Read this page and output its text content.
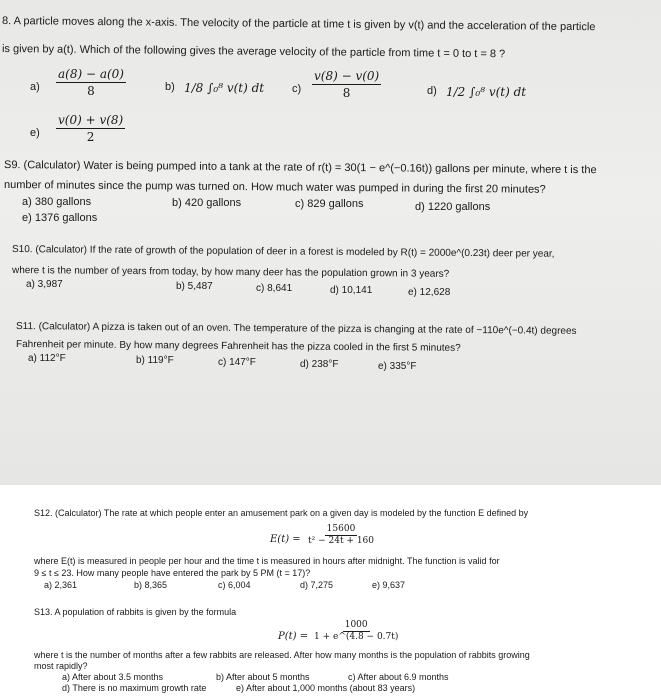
8. A particle moves along the x-axis. The velocity of the particle at time t is given by v(t) and the acceleration of the particle
is given by a(t). Which of the following gives the average velocity of the particle from time t = 0 to t = 8 ?
$a) \frac{a(8) - a(0)}{8}$	b) 1/8 ∫₀⁸ v(t) dt	$c) \frac{v(8) - v(0)}{8}$	d) 1/2 ∫₀⁸ v(t) dt
$e) \frac{v(0) + v(8)}{2}$
S9. (Calculator) Water is being pumped into a tank at the rate of r(t) = 30(1 − e^(−0.16t)) gallons per minute, where t is the
number of minutes since the pump was turned on. How much water was pumped in during the first 20 minutes?
a) 380 gallons	b) 420 gallons	c) 829 gallons	d) 1220 gallons
e) 1376 gallons
S10. (Calculator) If the rate of growth of the population of deer in a forest is modeled by R(t) = 2000e^(0.23t) deer per year,
where t is the number of years from today, by how many deer has the population grown in 3 years?
a) 3,987	b) 5,487	c) 8,641	d) 10,141	e) 12,628
S11. (Calculator) A pizza is taken out of an oven. The temperature of the pizza is changing at the rate of −110e^(−0.4t) degrees
Fahrenheit per minute. By how many degrees Fahrenheit has the pizza cooled in the first 5 minutes?
a) 112°F	b) 119°F	c) 147°F	d) 238°F	e) 335°F
S12. (Calculator) The rate at which people enter an amusement park on a given day is modeled by the function E defined by
$E(t) = \frac{15600}{\text{t² − 24t + 160}}$
where E(t) is measured in people per hour and the time t is measured in hours after midnight. The function is valid for
9 ≤ t ≤ 23. How many people have entered the park by 5 PM (t = 17)?
a) 2,361	b) 8,365	c) 6,004	d) 7,275	e) 9,637
S13. A population of rabbits is given by the formula
$P(t) = \frac{1000}{1 + e\^{}(4.8 - 0.7t)}$
where t is the number of months after a few rabbits are released. After how many months is the population of rabbits growing
most rapidly?
a) After about 3.5 months	b) After about 5 months	c) After about 6.9 months
d) There is no maximum growth rate	e) After about 1,000 months (about 83 years)
